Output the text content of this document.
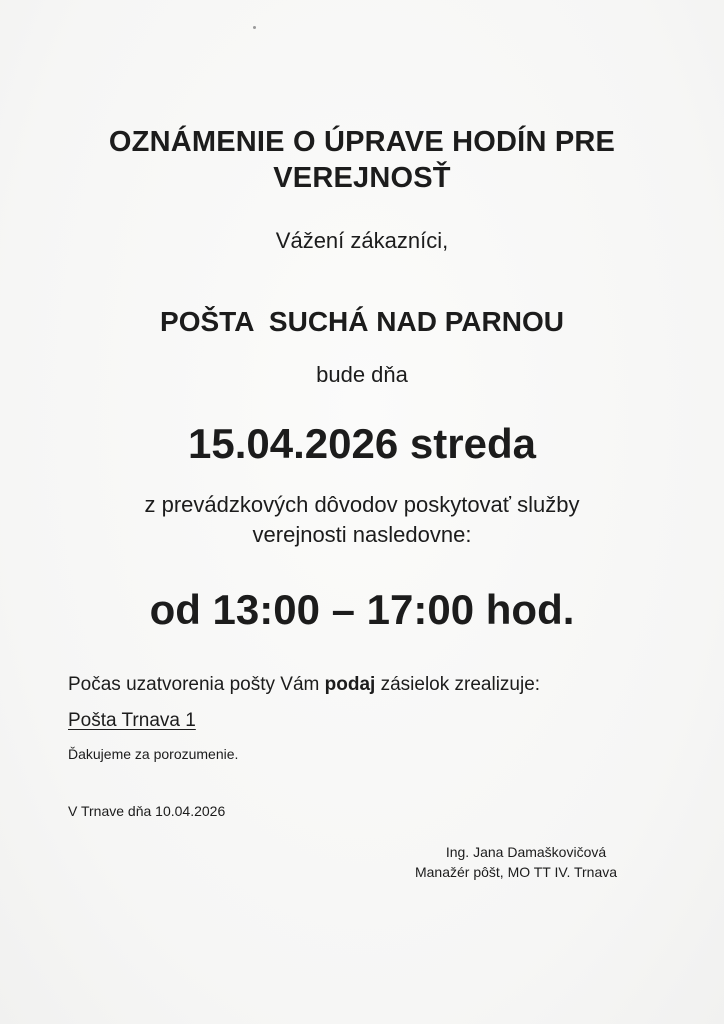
OZNÁMENIE O ÚPRAVE HODÍN PRE
VEREJNOSŤ
Vážení zákazníci,
POŠTA  SUCHÁ NAD PARNOU
bude dňa
15.04.2026 streda
z prevádzkových dôvodov poskytovať služby
verejnosti nasledovne:
od 13:00 – 17:00 hod.
Počas uzatvorenia pošty Vám podaj zásielok zrealizuje:
Pošta Trnava 1
Ďakujeme za porozumenie.
V Trnave dňa 10.04.2026
Ing. Jana Damaškovičová
Manažér pôšt, MO TT IV. Trnava
